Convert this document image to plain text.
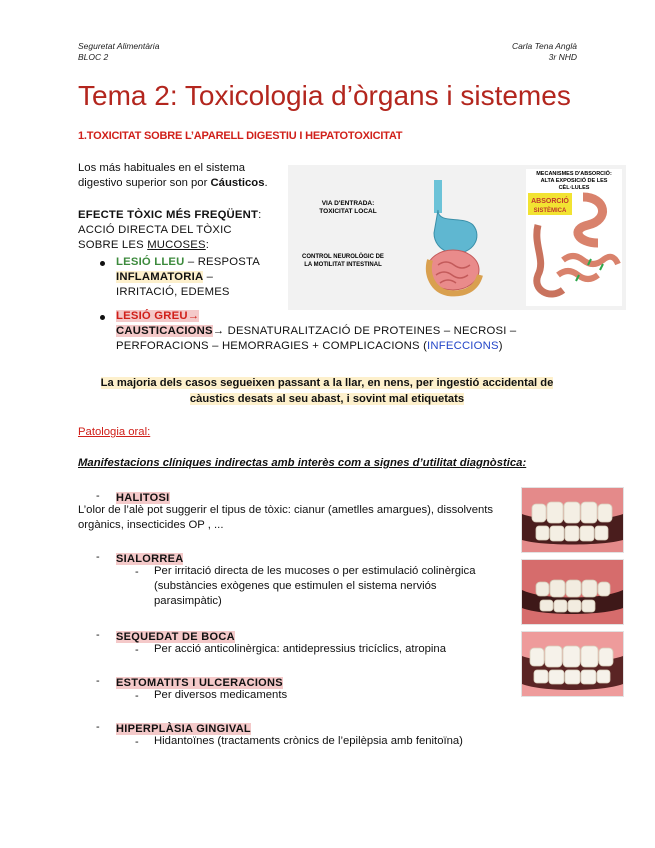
Seguretat Alimentària
BLOC 2
Carla Tena Anglà
3r NHD
Tema 2: Toxicologia d’òrgans i sistemes
1.TOXICITAT SOBRE L’APARELL DIGESTIU I HEPATOTOXICITAT
Los más habituales en el sistema
digestivo superior son por Cáusticos.
EFECTE TÒXIC MÉS FREQÜENT:
ACCIÓ DIRECTA DEL TÒXIC
SOBRE LES MUCOSES:
LESIÓ LLEU – RESPOSTA
INFLAMATORIA –
IRRITACIÓ, EDEMES
LESIÓ GREU→
CAUSTICACIONS→ DESNATURALITZACIÓ DE PROTEINES – NECROSI –
PERFORACIONS – HEMORRAGIES + COMPLICACIONS (INFECCIONS)
VIA D'ENTRADA:
TOXICITAT LOCAL
CONTROL NEUROLÒGIC DE
LA MOTILITAT INTESTINAL
MECANISMES D'ABSORCIÓ:
ALTA EXPOSICIÓ DE LES
CÈL·LULES
ABSORCIÓ
SISTÈMICA
La majoria dels casos segueixen passant a la llar, en nens, per ingestió accidental de
càustics desats al seu abast, i sovint mal etiquetats
Patologia oral:
Manifestacions clíniques indirectas amb interès com a signes d’utilitat diagnòstica:
- HALITOSI
L’olor de l’alè pot suggerir el tipus de tòxic: cianur (ametlles amargues), dissolvents
orgànics, insecticides OP , ...
- SIALORREA
- Per irritació directa de les mucoses o per estimulació colinèrgica
(substàncies exògenes que estimulen el sistema nerviós
parasimpàtic)
- SEQUEDAT DE BOCA
- Per acció anticolinèrgica: antidepressius tricíclics, atropina
- ESTOMATITS I ULCERACIONS
- Per diversos medicaments
- HIPERPLÀSIA GINGIVAL
- Hidantoïnes (tractaments crònics de l’epilèpsia amb fenitoïna)
